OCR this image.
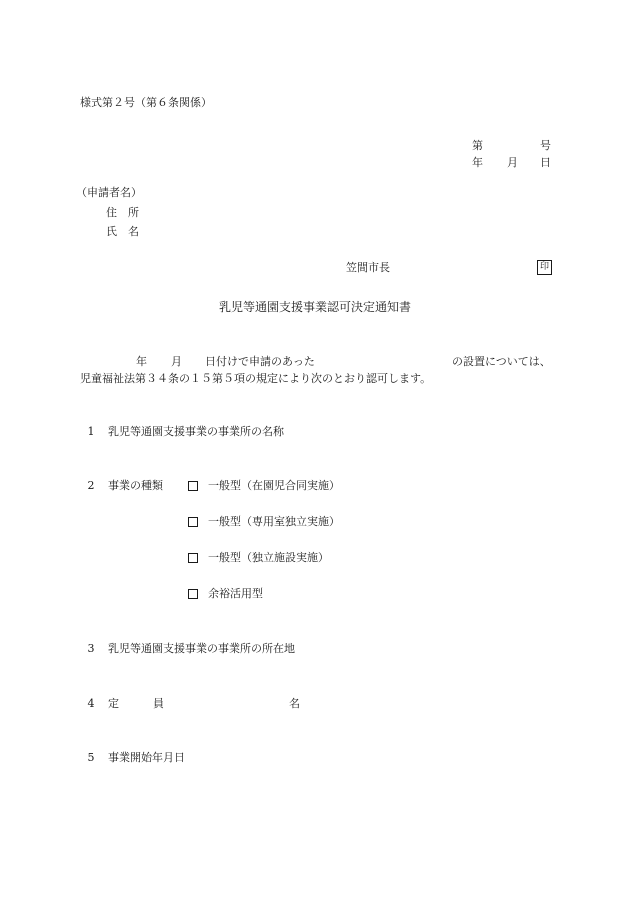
様式第２号（第６条関係）
第	号
年 月 日
（申請者名）
住　所
氏　名
笠間市長	印
乳児等通園支援事業認可決定通知書
年 月 日付けで申請のあった	の設置については、
児童福祉法第３４条の１５第５項の規定により次のとおり認可します。
1	乳児等通園支援事業の事業所の名称
2	事業の種類	一般型（在園児合同実施）
一般型（専用室独立実施）
一般型（独立施設実施）
余裕活用型
3	乳児等通園支援事業の事業所の所在地
4	定	員	名
5	事業開始年月日
